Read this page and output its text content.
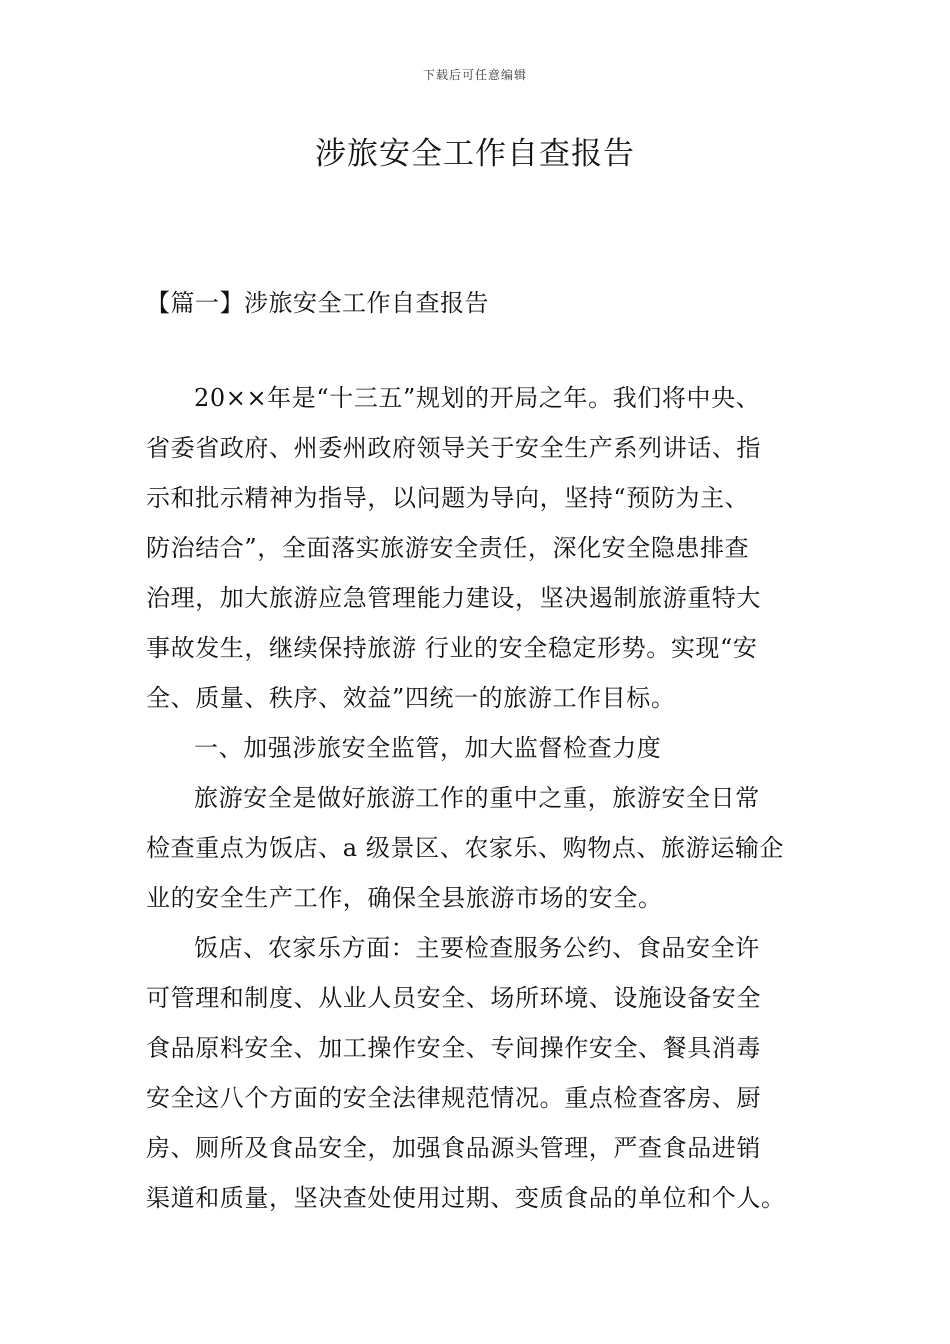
下载后可任意编辑
涉旅安全工作自查报告
【篇一】涉旅安全工作自查报告
20××年是“十三五”规划的开局之年。我们将中央、
省委省政府、州委州政府领导关于安全生产系列讲话、指
示和批示精神为指导，以问题为导向，坚持“预防为主、
防治结合”，全面落实旅游安全责任，深化安全隐患排查
治理，加大旅游应急管理能力建设，坚决遏制旅游重特大
事故发生，继续保持旅游 行业的安全稳定形势。实现“安
全、质量、秩序、效益”四统一的旅游工作目标。
一、加强涉旅安全监管，加大监督检查力度
旅游安全是做好旅游工作的重中之重，旅游安全日常
检查重点为饭店、a 级景区、农家乐、购物点、旅游运输企
业的安全生产工作，确保全县旅游市场的安全。
饭店、农家乐方面：主要检查服务公约、食品安全许
可管理和制度、从业人员安全、场所环境、设施设备安全
食品原料安全、加工操作安全、专间操作安全、餐具消毒
安全这八个方面的安全法律规范情况。重点检查客房、厨
房、厕所及食品安全，加强食品源头管理，严查食品进销
渠道和质量，坚决查处使用过期、变质食品的单位和个人。
